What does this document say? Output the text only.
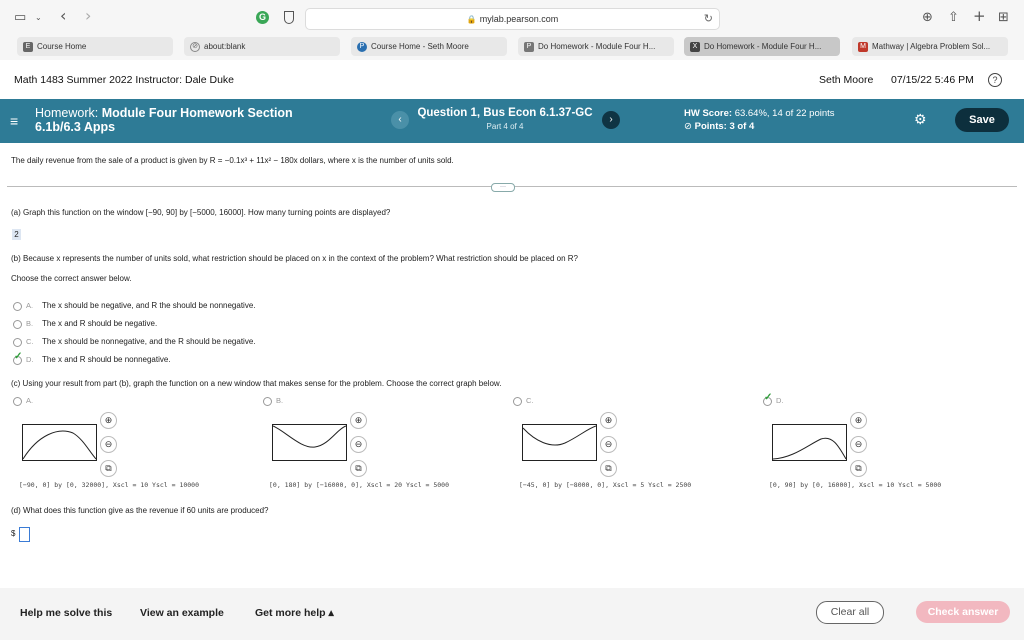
▭ ⌄ ‹ ›	G	🔒 mylab.pearson.com	↻	⊕ ⇧ + ⊞
E Course Home	⊘ about:blank	P Course Home - Seth Moore	P Do Homework - Module Four H...	X Do Homework - Module Four H...	M Mathway | Algebra Problem Sol...
Math 1483 Summer 2022 Instructor: Dale Duke	Seth Moore 07/15/22 5:46 PM	?
≡ Homework: Module Four Homework Section 6.1b/6.3 Apps
‹
Question 1, Bus Econ 6.1.37-GC
Part 4 of 4
›
HW Score: 63.64%, 14 of 22 points
⊘ Points: 3 of 4	⚙	Save
The daily revenue from the sale of a product is given by R = −0.1x³ + 11x² − 180x dollars, where x is the number of units sold.
···
(a) Graph this function on the window [−90, 90] by [−5000, 16000]. How many turning points are displayed?
2
(b) Because x represents the number of units sold, what restriction should be placed on x in the context of the problem? What restriction should be placed on R?
Choose the correct answer below.
A. The x should be negative, and R the should be nonnegative.
B. The x and R should be negative.
C. The x should be nonnegative, and the R should be negative.
✓ D. The x and R should be nonnegative.
(c) Using your result from part (b), graph the function on a new window that makes sense for the problem. Choose the correct graph below.
A.	B.	C.	✓ D.
⊕
⊖
⧉
[−90, 0] by [0, 32000], Xscl = 10 Yscl = 10000
⊕
⊖
⧉
[0, 180] by [−16000, 0], Xscl = 20 Yscl = 5000
⊕
⊖
⧉
[−45, 0] by [−8000, 0], Xscl = 5 Yscl = 2500
⊕
⊖
⧉
[0, 90] by [0, 16000], Xscl = 10 Yscl = 5000
(d) What does this function give as the revenue if 60 units are produced?
$
Help me solve this	View an example	Get more help ▴	Clear all	Check answer
